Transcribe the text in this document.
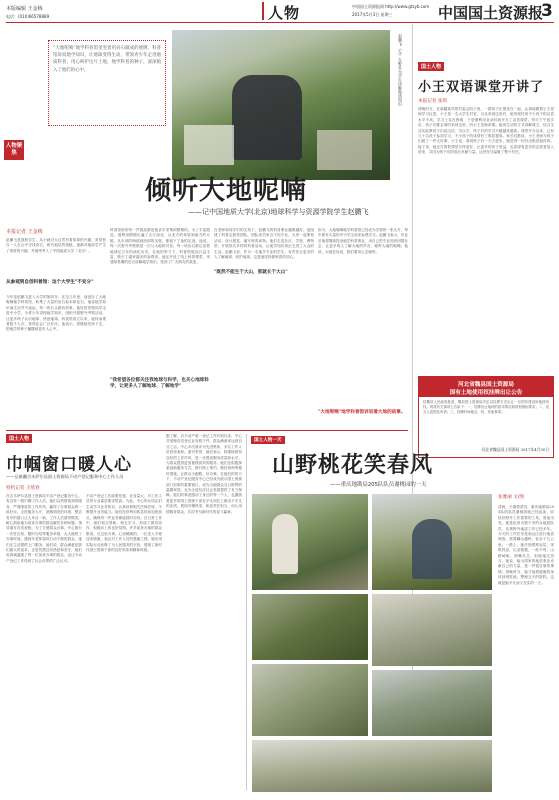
本版编辑 王金梅
电话：(010)66578889	人物	中国国土资源报网 http://www.gtzyb.com
2017年5月3日 星期三	中国国土资源报
3
“大地呢喃”地学科普馆里竖着用岩石做成的展牌，科普馆诉说地学知识，让地球变得生动，带领青少年走进地质科普，用心呵护这片土地，地学科普的种子，深深植入了他们的心中。	赵鹏飞（左）在野外为学生讲解地质知识
人物聚焦
倾听大地呢喃
——记中国地质大学(北京)地球科学与资源学院学生赵鹏飞
本报记者 王金梅
赵鹏飞是我校学生，从小就对大自然有着浓厚的兴趣，常常独自一人在山中寻找奇石，研究地层的奥秘，逐渐对地质学产生了浓厚的兴趣，并最终考入了中国地质大学（北京）。
从参观到自创科普馆：这个大学生"不安分"
今年是赵鹏飞进入大学的第四年，在这几年里，他创办了大地呢喃地学科普馆，收集了大量的岩石标本和化石。他说地学知识离生活并不遥远，每一块石头都有故事。他经常带领同学走进中小学，为青少年讲授地学知识，组织开展野外考察活动，让更多孩子认识地球、热爱地球。科普馆成立以来，接待参观者数千人次，获得社会广泛好评。他表示，将继续坚持下去，把地学的种子播撒到更多人心中。
科普馆里的每一件展品都是他亲手采集和整理的。为了丰富展品，他利用假期走遍了大江南北，从北方的草原到南方的丘陵，从东部的海滨到西部的戈壁，都留下了他的足迹。他说，每一次野外考察都是一次与大地的对话，每一块岩石都记录着地球亿万年的演化历史。在他的努力下，科普馆展品日益丰富，吸引了越来越多的参观者。他还开设了线上科普课堂，用通俗易懂的语言讲解地学知识，受到了广大网友的欢迎。
"我希望各位都关注我地球与科学，也关心地球科学，让更多人了解地球、了解地学"
在老师和同学们的支持下，赵鹏飞的科普事业越做越好。他组建了科普志愿者团队，团队成员来自不同专业，大家一起策划活动、设计展览、编写科普读物。他们走进社区、学校、博物馆，开展形式多样的科普活动，让地学知识真正走进了大众的生活。赵鹏飞说，作为一名地学专业的学生，有责任让更多的人了解地球、爱护地球，这是他坚持做科普的初心。
"既然不能生于大山，那就长于大山"
如今，大地呢喃地学科普馆已经成为学校的一张名片，每年都有大量的中小学生前来参观学习。赵鹏飞表示，毕业后他将继续投身地学科普事业，用自己的专业知识回馈社会，让更多的人了解大地的声音，倾听大地的呢喃。他说，大地在诉说，我们要用心去倾听。
"大地呢喃"地学科普馆诉说着大地的故事。
国土人物
小王双语课堂开讲了
本报记者 张琪
傍晚时分，在新疆某村的村委会院子里，一群孩子正围坐在一起，认真地跟着小王老师学习汉语。小王是一名大学生村官，自从来到这里后，她发现村里不少孩子的汉语水平不高，学习上存在困难，于是便利用业余时间开办了双语课堂。每天下午放学后，孩子们都会准时来到这里，听小王老师讲课。她用生动的方式讲解课文，结合生活实际教孩子们说汉语、写汉字，孩子们的学习兴趣越来越浓。课堂开办以来，已有几十名孩子参加学习，不少孩子的成绩有了明显提高。家长们都说，小王老师为孩子们做了一件大好事。小王说，看到孩子们一天天进步，她觉得一切付出都是值得的。接下来，她还打算把课堂办得更好，让更多的孩子受益，也希望有更多的志愿者加入进来，共同为孩子们的成长贡献力量。这份坚守温暖了整个村庄。
河北省魏县国土资源局
国有土地使用权挂牌出让公告
经魏县人民政府批准，魏县国土资源局决定以挂牌方式出让一宗国有建设用地使用权。现将有关事项公告如下：一、挂牌出让地块的基本情况和规划指标要求；二、竞买人范围及申请；三、挂牌时间地点；四、其他事项。
河北省魏县国土资源局 2017年4月30日
国土人物
巾帼窗口暖人心
——记新疆吉木萨尔县国土资源局不动产登记服务中心工作人员
特约记者 王绪春
在吉木萨尔县国土资源局不动产登记服务中心，有这样一群巾帼工作人员，她们以热情周到的服务、严谨细致的工作作风，赢得了办事群众的一致好评。走进服务大厅，宽敞明亮的环境、整洁有序的窗口让人耳目一新。工作人员面带微笑，耐心细致地为前来办事的群众解答各种问题，指导填写各类表格。为了方便群众办事，中心推行一次性告知、限时办结等服务举措，大大缩短了办事时间。遇到年老体弱或行动不便的群众，她们还主动提供上门服务。她们说，群众满意是我们最大的追求。正是凭借这份热爱和坚守，她们用真诚温暖了每一位前来办事的群众，也让不动产登记工作得到了社会各界的广泛认可。
不动产登记工作政策性强、业务量大，对工作人员的专业素质要求很高。为此，中心的女同志们主动学习业务知识，认真钻研相关法律法规，不断提升业务能力。她们经常利用休息时间加班加点，确保每一件业务都能按时办结。在日常工作中，她们相互帮助、相互学习，形成了团结协作、积极向上的良好氛围。许多前来办事的群众都说，在这里办事，心里暖暖的。一位老人专程送来锦旗，表达对工作人员的感谢之情。她们用实际行动诠释了为人民服务的宗旨，展现了新时代国土资源干部的良好形象和精神风貌。
据了解，自不动产统一登记工作开展以来，中心共受理各类登记业务数千件，群众满意率达到百分之百。中心多次被评为先进集体，多名工作人员获得表彰。面对荣誉，她们表示，将继续保持良好的工作作风，进一步提高服务质量和水平，为群众提供更加便捷高效的服务。她们还积极探索创新服务方式，推行网上预约、微信查询等便民措施，让群众少跑路、好办事。在她们的努力下，不动产登记服务中心已经成为展示国土资源部门形象的重要窗口，成为当地群众交口称赞的温馨家园，也为全县经济社会发展提供了有力保障。她们的事迹感动了身边的每一个人，也激励着更多的国土资源干部在平凡岗位上做出不平凡的业绩，展现巾帼风采，彰显责任担当，用心用情服务群众，共同书写新时代的奋斗篇章。
国土人物一天
山野桃花笑春风
——重庆地勘局205队队员谢桃园的一天
张雅丽 文/图
清晨，天刚蒙蒙亮，重庆地勘局205队的队员谢桃园就已经起床，收拾好野外工作需要的工具，准备出发。她是队里为数不多的女地质队员，从事野外地质工作已经多年。今天的工作任务是到山区进行地质调查，需要翻山越岭，徒步十几公里。一路上，她仔细观察岩层，采集样品，记录数据，一丝不苟。山路崎岖，荆棘丛生，但她毫无怨言。她说，能为国家的地质事业贡献自己的力量，是一件很自豪的事情。傍晚时分，她才拖着疲惫的身体回到驻地，整理当天的资料。这就是她平凡而又充实的一天。
